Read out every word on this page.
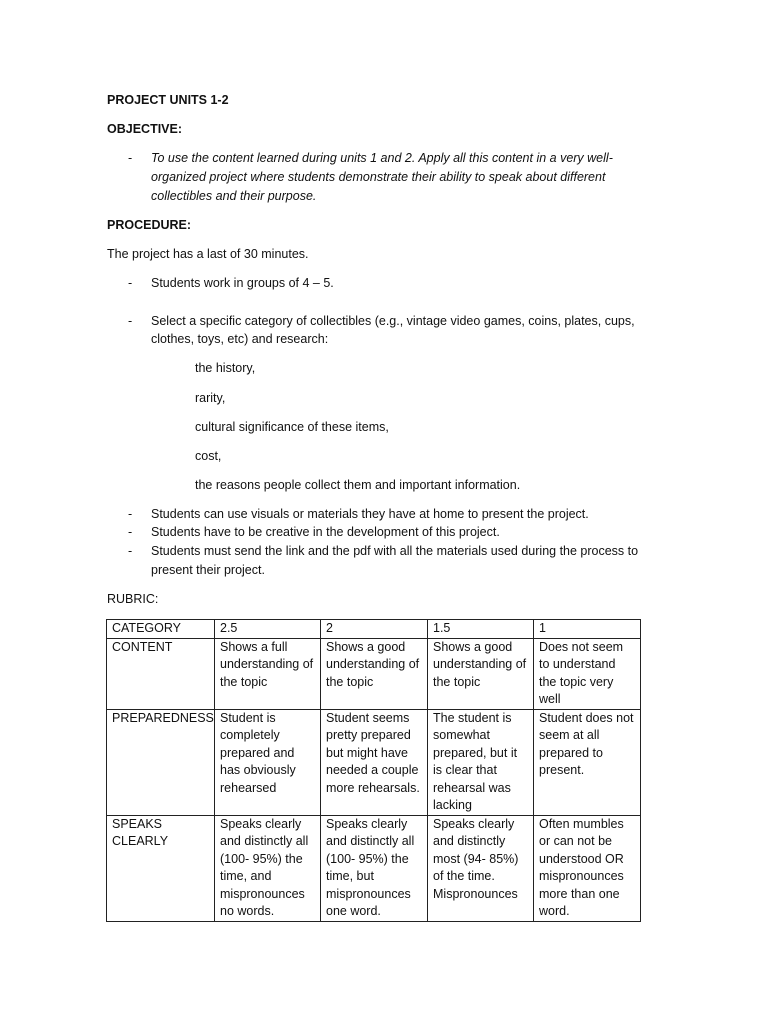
PROJECT UNITS 1-2
OBJECTIVE:
- To use the content learned during units 1 and 2. Apply all this content in a very well-
organized project where students demonstrate their ability to speak about different
collectibles and their purpose.
PROCEDURE:
The project has a last of 30 minutes.
- Students work in groups of 4 – 5.
- Select a specific category of collectibles (e.g., vintage video games, coins, plates, cups,
clothes, toys, etc) and research:
the history,
rarity,
cultural significance of these items,
cost,
the reasons people collect them and important information.
- Students can use visuals or materials they have at home to present the project.
- Students have to be creative in the development of this project.
- Students must send the link and the pdf with all the materials used during the process to
present their project.
RUBRIC:
CATEGORY	2.5	2	1.5	1
CONTENT	Shows a full understanding of the topic	Shows a good understanding of the topic	Shows a good understanding of the topic	Does not seem to understand the topic very well
PREPAREDNESS	Student is completely prepared and has obviously rehearsed	Student seems pretty prepared but might have needed a couple more rehearsals.	The student is somewhat prepared, but it is clear that rehearsal was lacking	Student does not seem at all prepared to present.
SPEAKS CLEARLY	Speaks clearly and distinctly all (100- 95%) the time, and mispronounces no words.	Speaks clearly and distinctly all (100- 95%) the time, but mispronounces one word.	Speaks clearly and distinctly most (94- 85%) of the time. Mispronounces	Often mumbles or can not be understood OR mispronounces more than one word.
